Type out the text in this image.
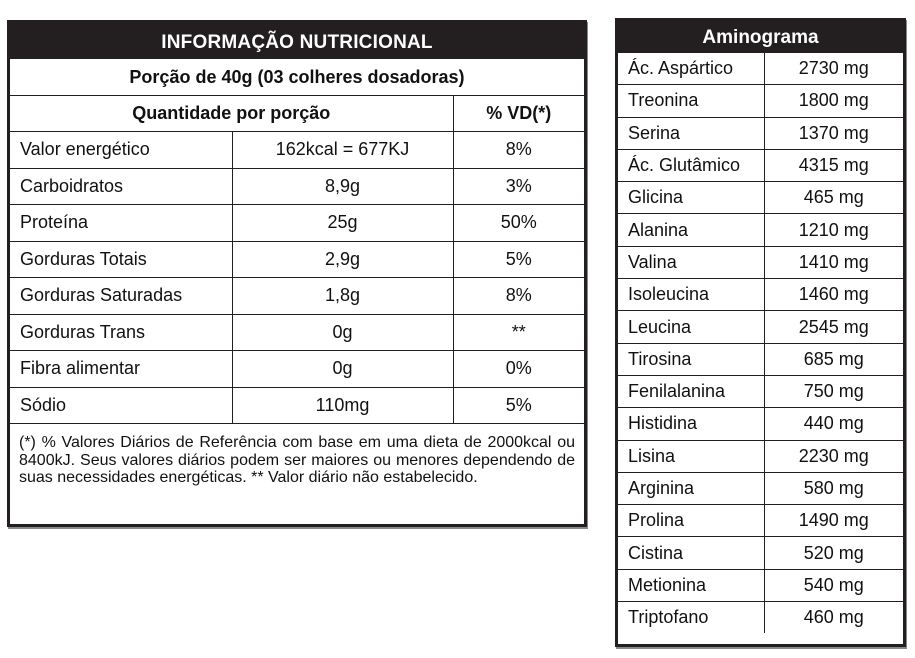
INFORMAÇÃO NUTRICIONAL
Porção de 40g (03 colheres dosadoras)		
Quantidade por porção		% VD(*)
Valor energético	162kcal = 677KJ	8%
Carboidratos	8,9g	3%
Proteína	25g	50%
Gorduras Totais	2,9g	5%
Gorduras Saturadas	1,8g	8%
Gorduras Trans	0g	**
Fibra alimentar	0g	0%
Sódio	110mg	5%
(*) % Valores Diários de Referência com base em uma dieta de 2000kcal ou 8400kJ. Seus valores diários podem ser maiores ou menores dependendo de suas necessidades energéticas. ** Valor diário não estabelecido.
Aminograma
Ác. Aspártico	2730 mg
Treonina	1800 mg
Serina	1370 mg
Ác. Glutâmico	4315 mg
Glicina	465 mg
Alanina	1210 mg
Valina	1410 mg
Isoleucina	1460 mg
Leucina	2545 mg
Tirosina	685 mg
Fenilalanina	750 mg
Histidina	440 mg
Lisina	2230 mg
Arginina	580 mg
Prolina	1490 mg
Cistina	520 mg
Metionina	540 mg
Triptofano	460 mg
